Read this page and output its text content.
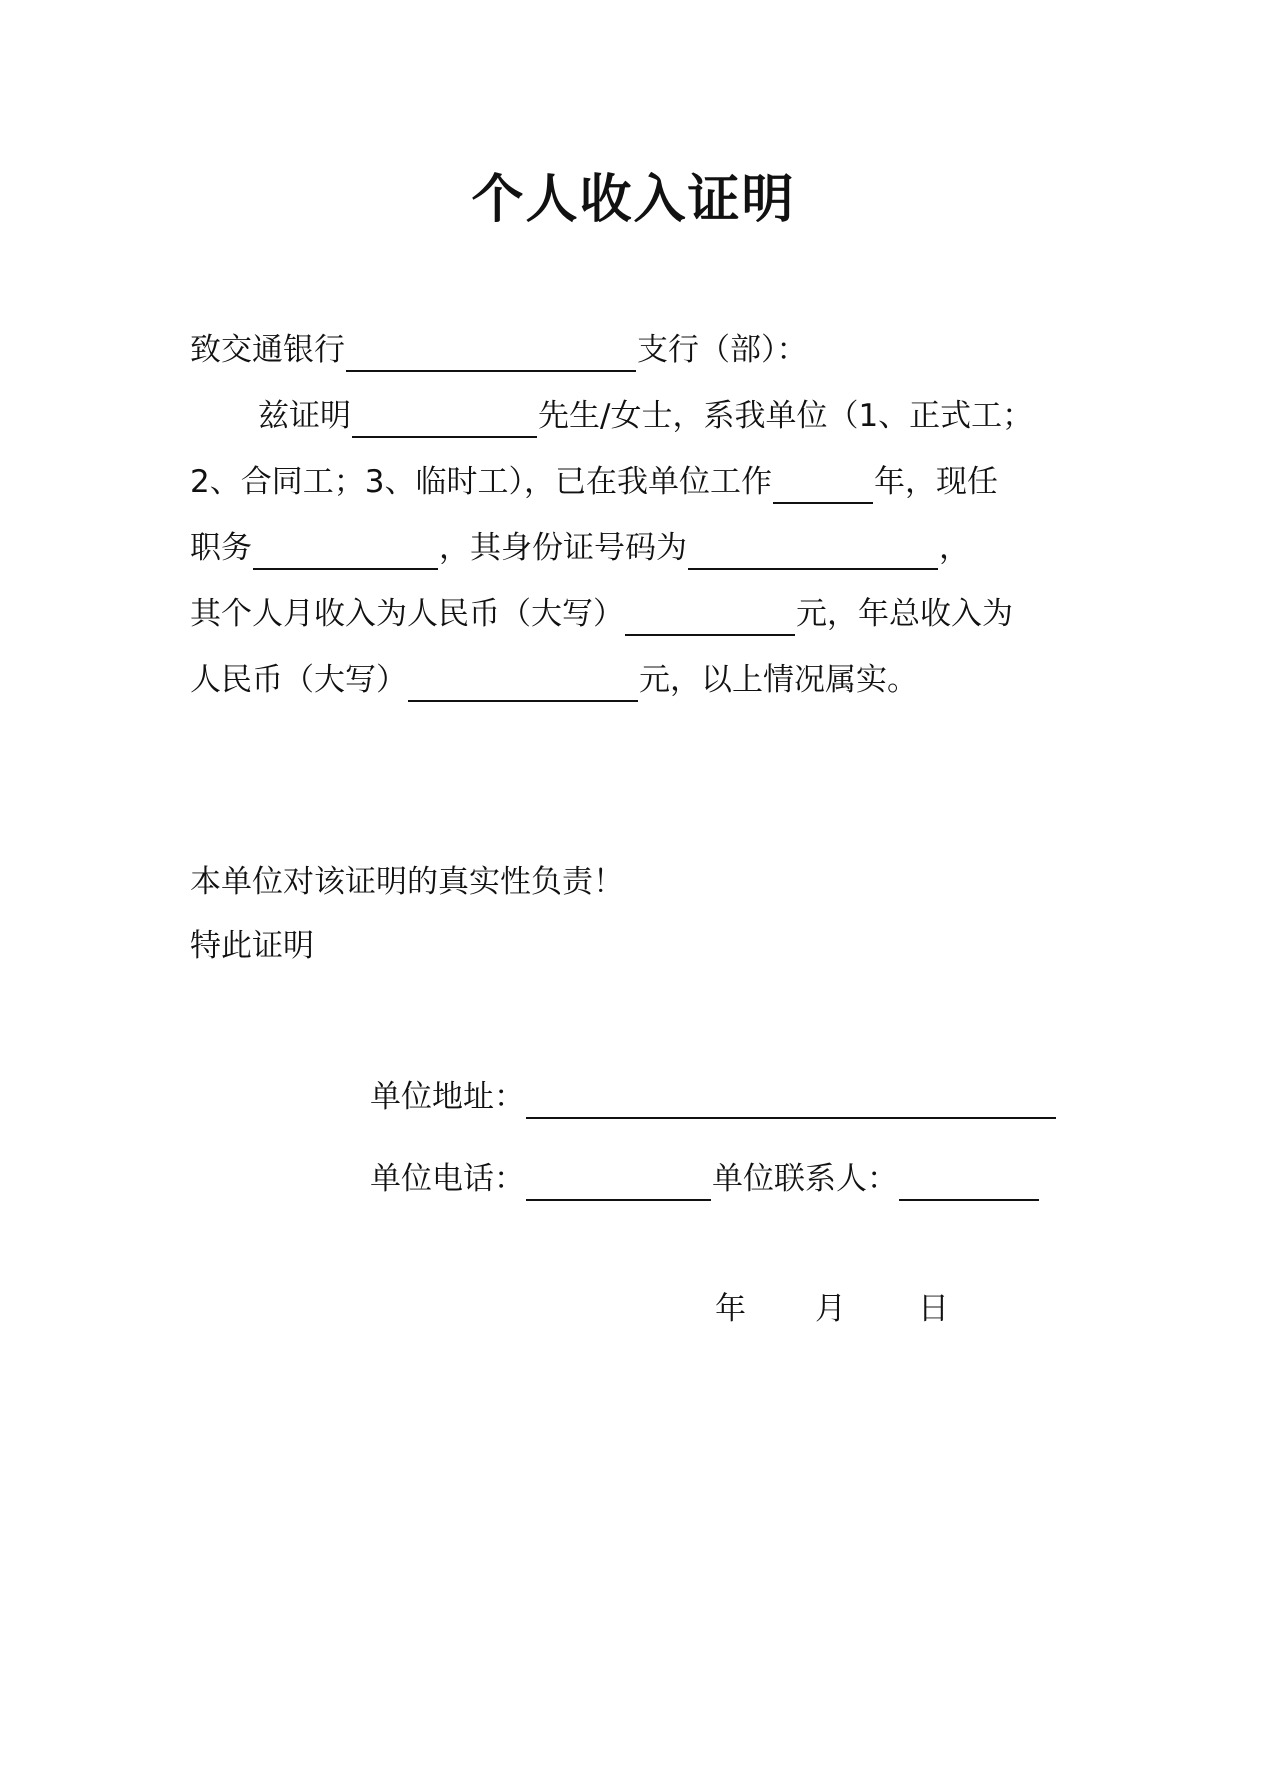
个人收入证明
致交通银行	支行（部）：
兹证明	先生/女士，系我单位（1、正式工；
2、合同工；3、临时工），已在我单位工作	年，现任
职务	，其身份证号码为	，
其个人月收入为人民币（大写）	元，年总收入为
人民币（大写）	元，以上情况属实。
本单位对该证明的真实性负责！
特此证明
单位地址：
单位电话：	单位联系人：
年 月 日
